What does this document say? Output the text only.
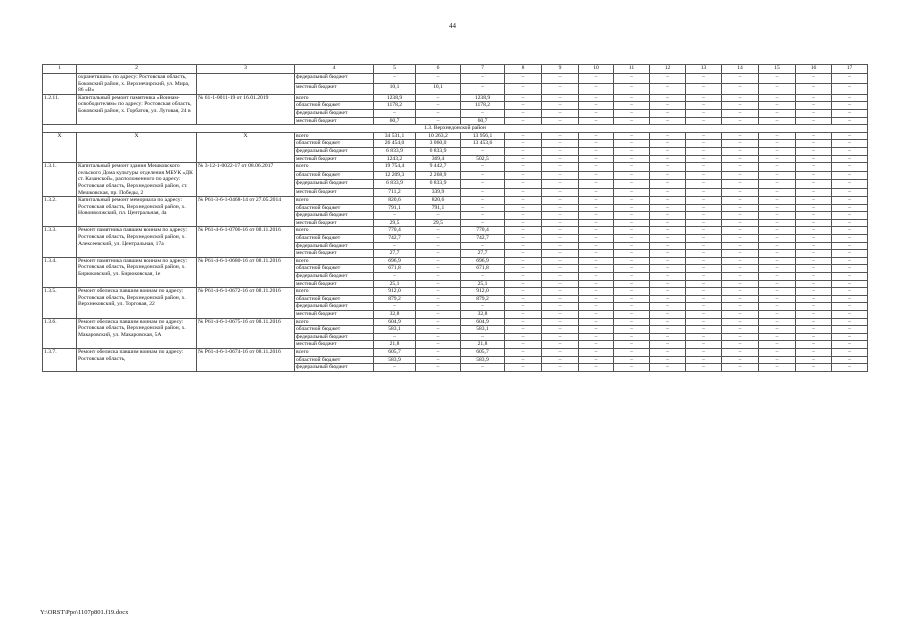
44
1	2	3	4	5	6	7	8	9	10	11	12	13	14	15	16	17
	охранетшшм» по адресу: Ростовская область, Боковский район, х. Верхнечирский, ул. Мира, 86 «В»		федеральный бюджет	–	–	–	–	–	–	–	–	–	–	–	–	–
			местный бюджет	10,1	10,1	–	–	–	–	–	–	–	–	–	–	–
1.2.11.	Капитальный ремонт памятника «Воинам-освободителям» по адресу: Ростовская область, Боковский район, х. Горбатов, ул. Луговая, 24 в	№ 61-1-0011-19 от 16.01.2019	всего	1238,9	–	1238,9	–	–	–	–	–	–	–	–	–	–
			областной бюджет	1178,2	–	1178,2	–	–	–	–	–	–	–	–	–	–
			федеральный бюджет	–	–	–	–	–	–	–	–	–	–	–	–	–
			местный бюджет	60,7	–	60,7	–	–	–	–	–	–	–	–	–	–
1.3. Верхнедонской район																
Х	Х	Х	всего	34 531,1	10 263,2	13 956,1	–	–	–	–	–	–	–	–	–	–
			областной бюджет	26 454,0	3 060,0	13 453,6	–	–	–	–	–	–	–	–	–	–
			федеральный бюджет	6 833,9	6 833,9	–	–	–	–	–	–	–	–	–	–	–
			местный бюджет	1243,2	369,4	502,5	–	–	–	–	–	–	–	–	–	–
1.3.1.	Капитальный ремонт здания Мешковского сельского Дома культуры отделения МБУК «ДК ст. Казанской», расположенного по адресу: Ростовская область, Верхнедонской район, ст. Мешковская, пр. Победы, 2	№ 3-12-1-0022-17 от 08.06.2017	всего	19 754,4	9 442,7	–	–	–	–	–	–	–	–	–	–	–
			областной бюджет	12 209,3	2 268,9	–	–	–	–	–	–	–	–	–	–	–
			федеральный бюджет	6 833,9	6 833,9	–	–	–	–	–	–	–	–	–	–	–
			местный бюджет	711,2	339,9	–	–	–	–	–	–	–	–	–	–	–
1.3.2.	Капитальный ремонт мемориала по адресу: Ростовская область, Верхнедонской район, х. Новоиволжский, пл. Центральная, 4а	№ Р61-3-6-1-0468-14 от 27.05.2014	всего	820,6	820,6	–	–	–	–	–	–	–	–	–	–	–
			областной бюджет	791,1	791,1	–	–	–	–	–	–	–	–	–	–	–
			федеральный бюджет	–	–	–	–	–	–	–	–	–	–	–	–	–
			местный бюджет	29,5	29,5	–	–	–	–	–	–	–	–	–	–	–
1.3.3.	Ремонт памятника павшим воинам по адресу: Ростовская область, Верхнедонской район, х. Алексеевский, ул. Центральная, 17а	№ Р61-4-6-1-0706-16 от 08.11.2016	всего	770,4	–	770,4	–	–	–	–	–	–	–	–	–	–
			областной бюджет	742,7	–	742,7	–	–	–	–	–	–	–	–	–	–
			федеральный бюджет	–	–	–	–	–	–	–	–	–	–	–	–	–
			местный бюджет	27,7	–	27,7	–	–	–	–	–	–	–	–	–	–
1.3.4.	Ремонт памятника павшим воинам по адресу: Ростовская область, Верхнедонской район, х. Бирюковский, ул. Бирюковская, 1е	№ Р61-4-6-1-0680-16 от 08.11.2016	всего	696,9	–	696,9	–	–	–	–	–	–	–	–	–	–
			областной бюджет	671,8	–	671,8	–	–	–	–	–	–	–	–	–	–
			федеральный бюджет	–	–	–	–	–	–	–	–	–	–	–	–	–
			местный бюджет	25,1	–	25,1	–	–	–	–	–	–	–	–	–	–
1.3.5.	Ремонт обелиска павшим воинам по адресу: Ростовская область, Верхнедонской район, х. Верхнековский, ул. Торговая, 22	№ Р61-4-6-1-0672-16 от 08.11.2016	всего	912,0	–	912,0	–	–	–	–	–	–	–	–	–	–
			областной бюджет	879,2	–	879,2	–	–	–	–	–	–	–	–	–	–
			федеральный бюджет	–	–	–	–	–	–	–	–	–	–	–	–	–
			местный бюджет	32,8	–	32,8	–	–	–	–	–	–	–	–	–	–
1.3.6.	Ремонт обелиска павшим воинам по адресу: Ростовская область, Верхнедонской район, х. Макаровский, ул. Макаровская, 5А	№ Р61-4-6-1-0675-16 от 08.11.2016	всего	604,9	–	604,9	–	–	–	–	–	–	–	–	–	–
			областной бюджет	583,1	–	583,1	–	–	–	–	–	–	–	–	–	–
			федеральный бюджет	–	–	–	–	–	–	–	–	–	–	–	–	–
			местный бюджет	21,8	–	21,8	–	–	–	–	–	–	–	–	–	–
1.3.7.	Ремонт обелиска павшим воинам по адресу: Ростовская область,	№ Р61-4-6-1-0674-16 от 08.11.2016	всего	605,7	–	605,7	–	–	–	–	–	–	–	–	–	–
			областной бюджет	583,9	–	583,9	–	–	–	–	–	–	–	–	–	–
			федеральный бюджет	–	–	–	–	–	–	–	–	–	–	–	–	–
Y:\ORST\Ppo\1107p801.f19.docx
